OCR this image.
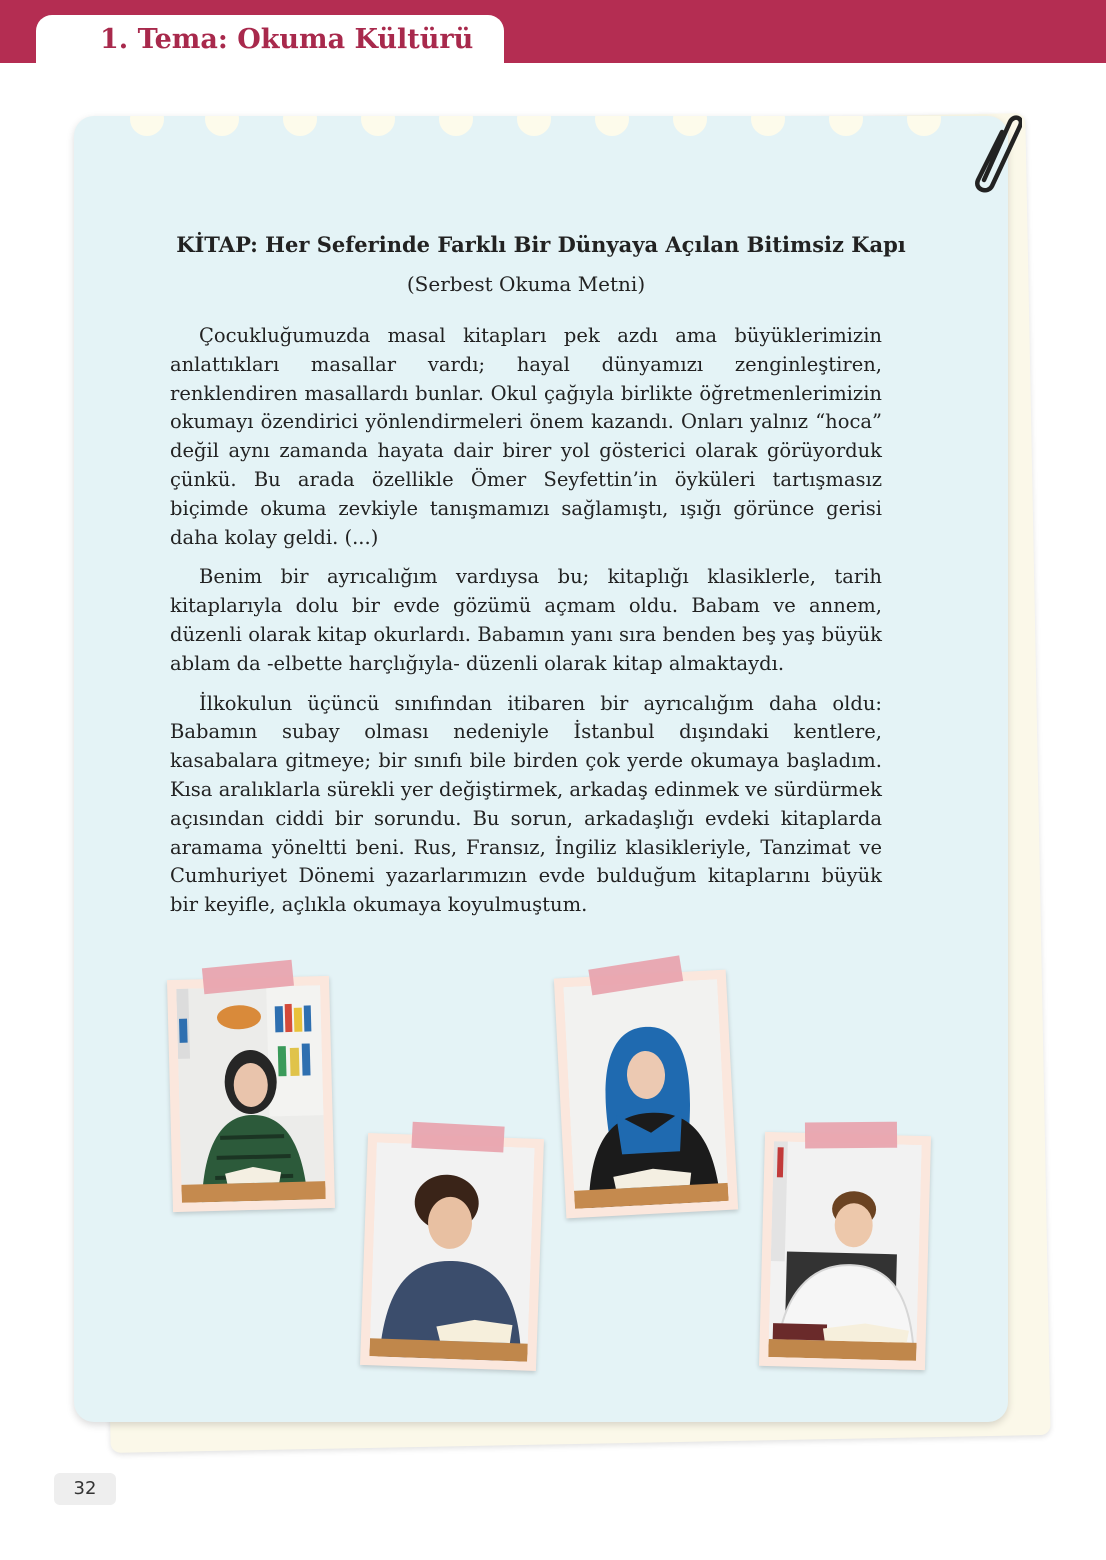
1. Tema: Okuma Kültürü
KİTAP: Her Seferinde Farklı Bir Dünyaya Açılan Bitimsiz Kapı
(Serbest Okuma Metni)

Çocukluğumuzda masal kitapları pek azdı ama büyüklerimizin anlattıkları masallar vardı; hayal dünyamızı zenginleştiren, renklendiren masallardı bunlar. Okul çağıyla birlikte öğretmenlerimizin okumayı özendirici yönlendirmeleri önem kazandı. Onları yalnız “hoca” değil aynı zamanda hayata dair birer yol gösterici olarak görüyorduk çünkü. Bu arada özellikle Ömer Seyfettin’in öyküleri tartışmasız biçimde okuma zevkiyle tanışmamızı sağlamıştı, ışığı görünce gerisi daha kolay geldi. (...)

Benim bir ayrıcalığım vardıysa bu; kitaplığı klasiklerle, tarih kitaplarıyla dolu bir evde gözümü açmam oldu. Babam ve annem, düzenli olarak kitap okurlardı. Babamın yanı sıra benden beş yaş büyük ablam da -elbette harçlığıyla- düzenli olarak kitap almaktaydı.

İlkokulun üçüncü sınıfından itibaren bir ayrıcalığım daha oldu: Babamın subay olması nedeniyle İstanbul dışındaki kentlere, kasabalara gitmeye; bir sınıfı bile birden çok yerde okumaya başladım. Kısa aralıklarla sürekli yer değiştirmek, arkadaş edinmek ve sürdürmek açısından ciddi bir sorundu. Bu sorun, arkadaşlığı evdeki kitaplarda aramama yöneltti beni. Rus, Fransız, İngiliz klasikleriyle, Tanzimat ve Cumhuriyet Dönemi yazarlarımızın evde bulduğum kitaplarını büyük bir keyifle, açlıkla okumaya koyulmuştum.

32
